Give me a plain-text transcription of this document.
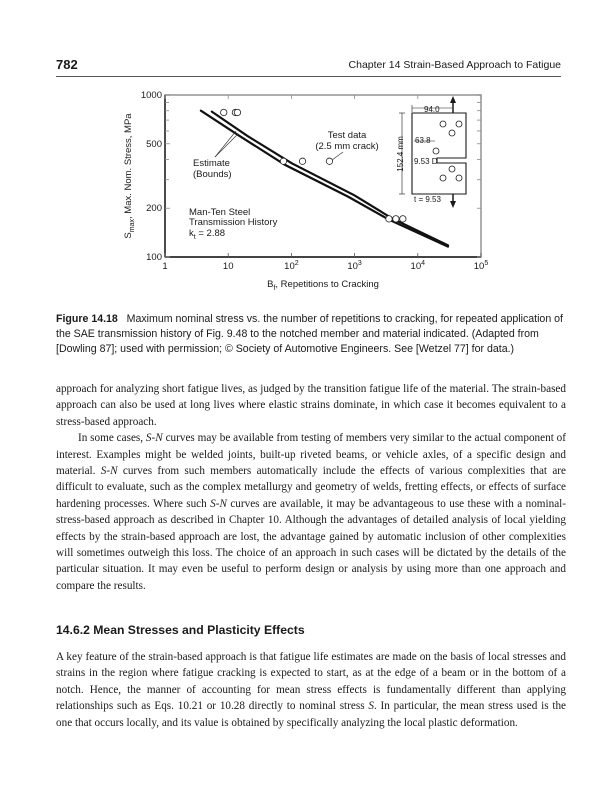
782	Chapter 14 Strain-Based Approach to Fatigue
1	10	$10^2$	$10^3$	$10^4$	$10^5$
100
200
500
1000
$S_{max}$, Max. Nom. Stress, MPa
$B_f$, Repetitions to Cracking
Estimate
(Bounds)
Test data
(2.5 mm crack)
Man-Ten Steel
Transmission History
$k_t = 2.88$
94.0
152.4 mm 63.8
9.53 D
t = 9.53
Figure 14.18 Maximum nominal stress vs. the number of repetitions to cracking, for repeated application of the SAE transmission history of Fig. 9.48 to the notched member and material indicated. (Adapted from [Dowling 87]; used with permission; © Society of Automotive Engineers. See [Wetzel 77] for data.)

approach for analyzing short fatigue lives, as judged by the transition fatigue life of the material. The strain-based approach can also be used at long lives where elastic strains dominate, in which case it becomes equivalent to a stress-based approach.

In some cases, S-N curves may be available from testing of members very similar to the actual component of interest. Examples might be welded joints, built-up riveted beams, or vehicle axles, of a specific design and material. S-N curves from such members automatically include the effects of various complexities that are difficult to evaluate, such as the complex metallurgy and geometry of welds, fretting effects, or effects of surface hardening processes. Where such S-N curves are available, it may be advantageous to use these with a nominal-stress-based approach as described in Chapter 10. Although the advantages of detailed analysis of local yielding effects by the strain-based approach are lost, the advantage gained by automatic inclusion of other complexities will sometimes outweigh this loss. The choice of an approach in such cases will be dictated by the details of the particular situation. It may even be useful to perform design or analysis by using more than one approach and compare the results.

14.6.2 Mean Stresses and Plasticity Effects

A key feature of the strain-based approach is that fatigue life estimates are made on the basis of local stresses and strains in the region where fatigue cracking is expected to start, as at the edge of a beam or in the bottom of a notch. Hence, the manner of accounting for mean stress effects is fundamentally different than applying relationships such as Eqs. 10.21 or 10.28 directly to nominal stress S. In particular, the mean stress used is the one that occurs locally, and its value is obtained by specifically analyzing the local plastic deformation.
